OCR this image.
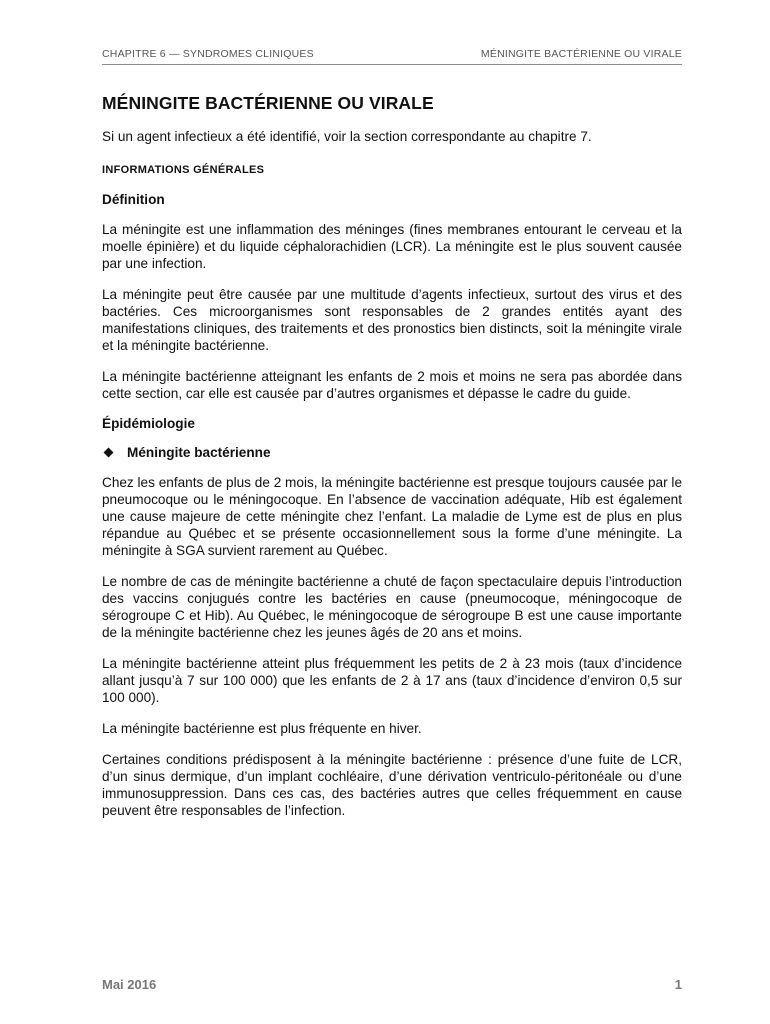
CHAPITRE 6 — SYNDROMES CLINIQUES	MÉNINGITE BACTÉRIENNE OU VIRALE
MÉNINGITE BACTÉRIENNE OU VIRALE

Si un agent infectieux a été identifié, voir la section correspondante au chapitre 7.

INFORMATIONS GÉNÉRALES

Définition

La méningite est une inflammation des méninges (fines membranes entourant le cerveau et la moelle épinière) et du liquide céphalorachidien (LCR). La méningite est le plus souvent causée par une infection.

La méningite peut être causée par une multitude d’agents infectieux, surtout des virus et des bactéries. Ces microorganismes sont responsables de 2 grandes entités ayant des manifestations cliniques, des traitements et des pronostics bien distincts, soit la méningite virale et la méningite bactérienne.

La méningite bactérienne atteignant les enfants de 2 mois et moins ne sera pas abordée dans cette section, car elle est causée par d’autres organismes et dépasse le cadre du guide.

Épidémiologie
Méningite bactérienne

Chez les enfants de plus de 2 mois, la méningite bactérienne est presque toujours causée par le pneumocoque ou le méningocoque. En l’absence de vaccination adéquate, Hib est également une cause majeure de cette méningite chez l’enfant. La maladie de Lyme est de plus en plus répandue au Québec et se présente occasionnellement sous la forme d’une méningite. La méningite à SGA survient rarement au Québec.

Le nombre de cas de méningite bactérienne a chuté de façon spectaculaire depuis l’introduction des vaccins conjugués contre les bactéries en cause (pneumocoque, méningocoque de sérogroupe C et Hib). Au Québec, le méningocoque de sérogroupe B est une cause importante de la méningite bactérienne chez les jeunes âgés de 20 ans et moins.

La méningite bactérienne atteint plus fréquemment les petits de 2 à 23 mois (taux d’incidence allant jusqu’à 7 sur 100 000) que les enfants de 2 à 17 ans (taux d’incidence d’environ 0,5 sur 100 000).

La méningite bactérienne est plus fréquente en hiver.

Certaines conditions prédisposent à la méningite bactérienne : présence d’une fuite de LCR, d’un sinus dermique, d’un implant cochléaire, d’une dérivation ventriculo-péritonéale ou d’une immunosuppression. Dans ces cas, des bactéries autres que celles fréquemment en cause peuvent être responsables de l’infection.

Mai 2016	1
